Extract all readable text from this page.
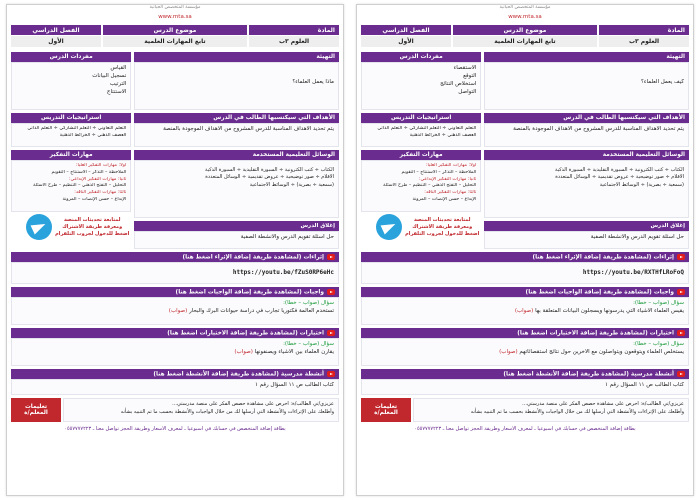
مؤسسة المتخصص الحياتية
www.mta.sa
المادة
العلوم ٣ب
موضوع الدرس
تابع المهارات العلمية
الفصل الدراسي
الأول
التهيئة

كيف يعمل العلماء؟

مفردات الدرس

الاستقصاء

التوقع

استخلاص النتائج

التواصل

الأهداف التي سيكتسبها الطالب في الدرس

يتم تحديد الأهداف المناسبة للدرس المشروح من الأهداف الموجودة بالمنصة

استراتيجيات التدريس

التعلم التعاوني ÷ التعلم التشاركي ÷ التعلم الذاتي

العصف الذهني ÷ الخرائط الذهنية

الوسائل التعليمية المستخدمة

الكتاب ÷ كتب الكترونية ÷ السبورة التقليدية ÷ السبورة الذكية

الأقلام ÷ صور توضيحية ÷ عروض تقديمية ÷ الوسائل المتعددة

(سمعية ÷ بصرية) ÷ الوسائط الاجتماعية

إغلاق الدرس

حل أسئلة تقويم الدرس والأنشطة الصفية

مهارات التفكير

أولاً: مهارات التفكير العليا:

الملاحظة – التذكر – الاستنتاج – التقويم

ثانياً: مهارات التفكير الإبداعي:

التحليل – التفتح الذهني – التنظيم – طرح الأسئلة

ثالثاً: مهارات التفكير الناقد:

الإبداع – حسن الإنصات – المرونة

لمتابعة تحديثات المنصة

ومعرفة طريقة الاشتراك

اضغط للدخول لجروب التلقرام

إثراءات (لمشاهدة طريقة إضافة الإثراء اضغط هنا)

https://youtu.be/RXTHfLRoFoQ

واجبات (لمشاهدة طريقة إضافة الواجبات اضغط هنا)

سؤال (صواب – خطأ):

يقيس العلماء الأشياء التي يدرسونها ويسجلون البيانات المتعلقة بها (صواب)

اختبارات (لمشاهدة طريقة إضافة الاختبارات اضغط هنا)

سؤال (صواب – خطأ):

يستخلص العلماء ويتوقعون ويتواصلون مع الآخرين حول نتائج استقصائاتهم (صواب)

أنشطة مدرسية (لمشاهدة طريقة إضافة الأنشطة اضغط هنا)

كتاب الطالب ص ١١ السؤال رقم ١

عزيزي/تي الطالب/ة: احرص على مشاهدة حصص الفكر على منصة مدرستي...

وأطلعك على الإثراءات والأنشطة التي أرسلها لك من خلال الواجبات والأنشطة بحسب ما تم التنبيه بشأنه

تعليمات المعلم/ة
بطاقة إضافة المتخصص في حسابك في أسبوعيا ـ لمعرف الأسعار وطريقة الحجز تواصل معنا ـ ٠٥٥٧٧٧٧٢٢٣
مؤسسة المتخصص الحياتية
www.mta.sa
المادة
العلوم ٣ب
موضوع الدرس
تابع المهارات العلمية
الفصل الدراسي
الأول
التهيئة

ماذا يعمل العلماء؟

مفردات الدرس

القياس

تسجيل البيانات

الترتيب

الاستنتاج

الأهداف التي سيكتسبها الطالب في الدرس

يتم تحديد الأهداف المناسبة للدرس المشروح من الأهداف الموجودة بالمنصة

استراتيجيات التدريس

التعلم التعاوني ÷ التعلم التشاركي ÷ التعلم الذاتي

العصف الذهني ÷ الخرائط الذهنية

الوسائل التعليمية المستخدمة

الكتاب ÷ كتب الكترونية ÷ السبورة التقليدية ÷ السبورة الذكية

الأقلام ÷ صور توضيحية ÷ عروض تقديمية ÷ الوسائل المتعددة

(سمعية ÷ بصرية) ÷ الوسائط الاجتماعية

إغلاق الدرس

حل أسئلة تقويم الدرس والأنشطة الصفية

مهارات التفكير

أولاً: مهارات التفكير العليا:

الملاحظة – التذكر – الاستنتاج – التقويم

ثانياً: مهارات التفكير الإبداعي:

التحليل – التفتح الذهني – التنظيم – طرح الأسئلة

ثالثاً: مهارات التفكير الناقد:

الإبداع – حسن الإنصات – المرونة

لمتابعة تحديثات المنصة

ومعرفة طريقة الاشتراك

اضغط للدخول لجروب التلقرام

إثراءات (لمشاهدة طريقة إضافة الإثراء اضغط هنا)

https://youtu.be/fZuS0RP6eHc

واجبات (لمشاهدة طريقة إضافة الواجبات اضغط هنا)

سؤال (صواب – خطأ):

تستخدم العالمة فكتوريا تجارب في دراسة حيوانات البرك والبحار (صواب)

اختبارات (لمشاهدة طريقة إضافة الاختبارات اضغط هنا)

سؤال (صواب – خطأ):

يقارن العلماء بين الأشياء ويصنفونها (صواب)

أنشطة مدرسية (لمشاهدة طريقة إضافة الأنشطة اضغط هنا)

كتاب الطالب ص ١١ السؤال رقم ١

عزيزي/تي الطالب/ة: احرص على مشاهدة حصص الفكر على منصة مدرستي...

وأطلعك على الإثراءات والأنشطة التي أرسلها لك من خلال الواجبات والأنشطة بحسب ما تم التنبيه بشأنه

تعليمات المعلم/ة
بطاقة إضافة المتخصص في حسابك في أسبوعيا ـ لمعرف الأسعار وطريقة الحجز تواصل معنا ـ ٠٥٥٧٧٧٧٢٢٣
